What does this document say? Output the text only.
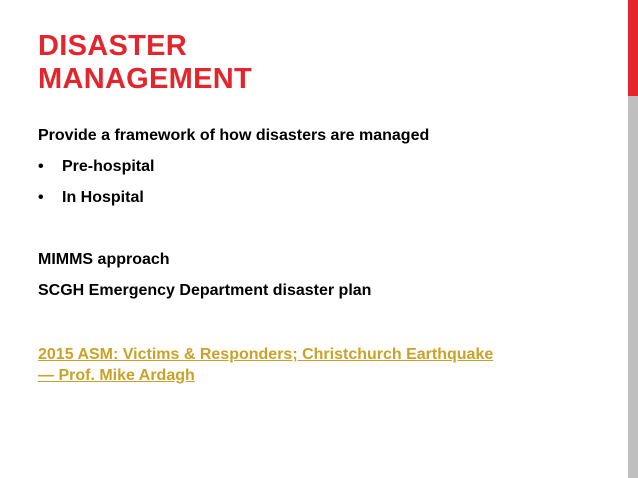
DISASTER
MANAGEMENT
Provide a framework of how disasters are managed
•	Pre-hospital
•	In Hospital
MIMMS approach
SCGH Emergency Department disaster plan
2015 ASM: Victims & Responders; Christchurch Earthquake
— Prof. Mike Ardagh
